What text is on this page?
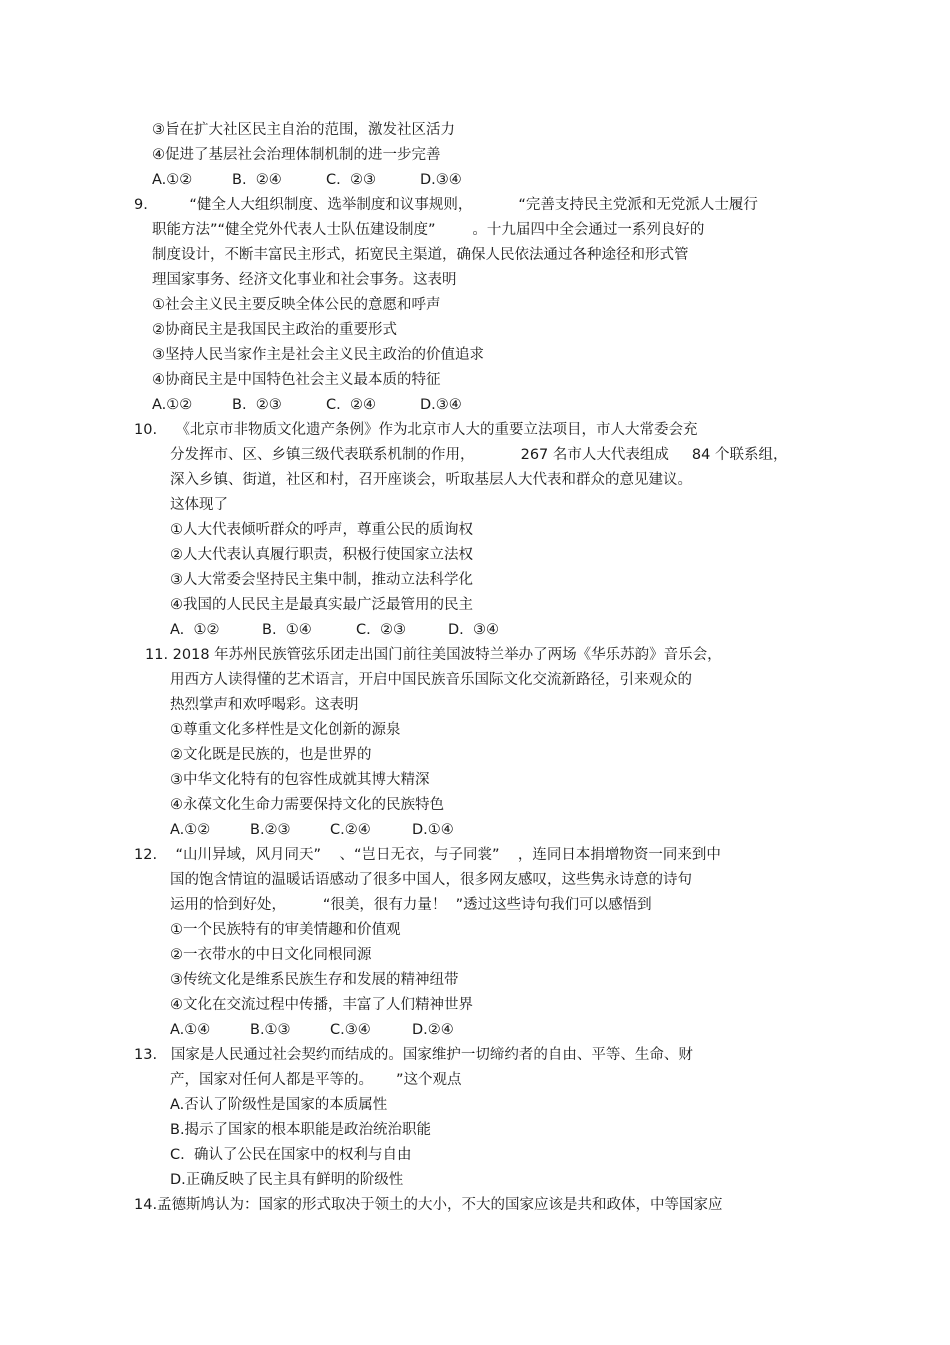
③旨在扩大社区民主自治的范围，激发社区活力
④促进了基层社会治理体制机制的进一步完善

A.①②

	B.  ②④

	C.  ②③

	D.③④

9.         “健全人大组织制度、选举制度和议事规则，          “完善支持民主党派和无党派人士履行
职能方法”“健全党外代表人士队伍建设制度”        。十九届四中全会通过一系列良好的
制度设计，不断丰富民主形式，拓宽民主渠道，确保人民依法通过各种途径和形式管
理国家事务、经济文化事业和社会事务。这表明
①社会主义民主要反映全体公民的意愿和呼声
②协商民主是我国民主政治的重要形式
③坚持人民当家作主是社会主义民主政治的价值追求
④协商民主是中国特色社会主义最本质的特征

A.①②

	B.  ②③

	C.  ②④

	D.③④

10.    《北京市非物质文化遗产条例》作为北京市人大的重要立法项目，市人大常委会充
分发挥市、区、乡镇三级代表联系机制的作用，          267 名市人大代表组成     84 个联系组，
深入乡镇、街道，社区和村，召开座谈会，听取基层人大代表和群众的意见建议。
这体现了
①人大代表倾听群众的呼声，尊重公民的质询权
②人大代表认真履行职责，积极行使国家立法权
③人大常委会坚持民主集中制，推动立法科学化
④我国的人民民主是最真实最广泛最管用的民主

A.  ①②

	B.  ①④

	C.  ②③

	D.  ③④

11. 2018 年苏州民族管弦乐团走出国门前往美国波特兰举办了两场《华乐苏韵》音乐会，
用西方人读得懂的艺术语言，开启中国民族音乐国际文化交流新路径，引来观众的
热烈掌声和欢呼喝彩。这表明
①尊重文化多样性是文化创新的源泉
②文化既是民族的，也是世界的
③中华文化特有的包容性成就其博大精深
④永葆文化生命力需要保持文化的民族特色

A.①②

	B.②③

	C.②④

	D.①④

12.    “山川异域，风月同天”    、“岂日无衣，与子同裳”    ，连同日本捐增物资一同来到中
国的饱含情谊的温暖话语感动了很多中国人，很多网友感叹，这些隽永诗意的诗句
运用的恰到好处，        “很美，很有力量！  ”透过这些诗句我们可以感悟到
①一个民族特有的审美情趣和价值观
②一衣带水的中日文化同根同源
③传统文化是维系民族生存和发展的精神纽带
④文化在交流过程中传播，丰富了人们精神世界

A.①④

	B.①③

	C.③④

	D.②④

13.   国家是人民通过社会契约而结成的。国家维护一切缔约者的自由、平等、生命、财
产，国家对任何人都是平等的。     ”这个观点
A.否认了阶级性是国家的本质属性
B.揭示了国家的根本职能是政治统治职能
C.  确认了公民在国家中的权利与自由
D.正确反映了民主具有鲜明的阶级性
14.孟德斯鸠认为：国家的形式取决于领土的大小，不大的国家应该是共和政体，中等国家应
